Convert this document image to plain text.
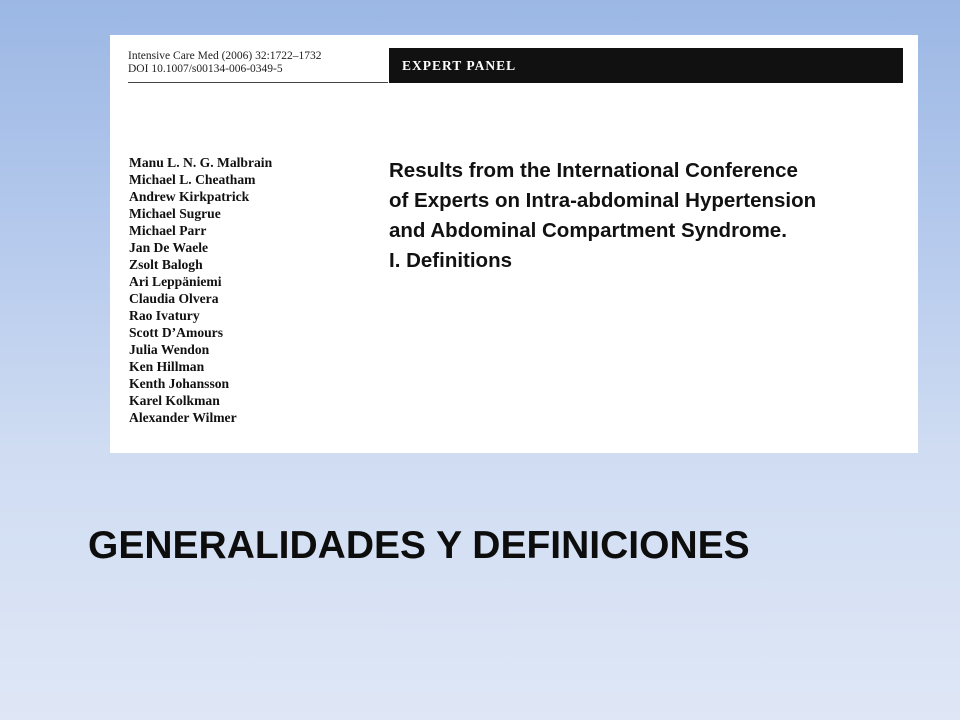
Intensive Care Med (2006) 32:1722–1732
DOI 10.1007/s00134-006-0349-5	EXPERT PANEL
Manu L. N. G. Malbrain
Michael L. Cheatham
Andrew Kirkpatrick
Michael Sugrue
Michael Parr
Jan De Waele
Zsolt Balogh
Ari Leppäniemi
Claudia Olvera
Rao Ivatury
Scott D’Amours
Julia Wendon
Ken Hillman
Kenth Johansson
Karel Kolkman
Alexander Wilmer
Results from the International Conference
of Experts on Intra-abdominal Hypertension
and Abdominal Compartment Syndrome.
I. Definitions
GENERALIDADES Y DEFINICIONES
